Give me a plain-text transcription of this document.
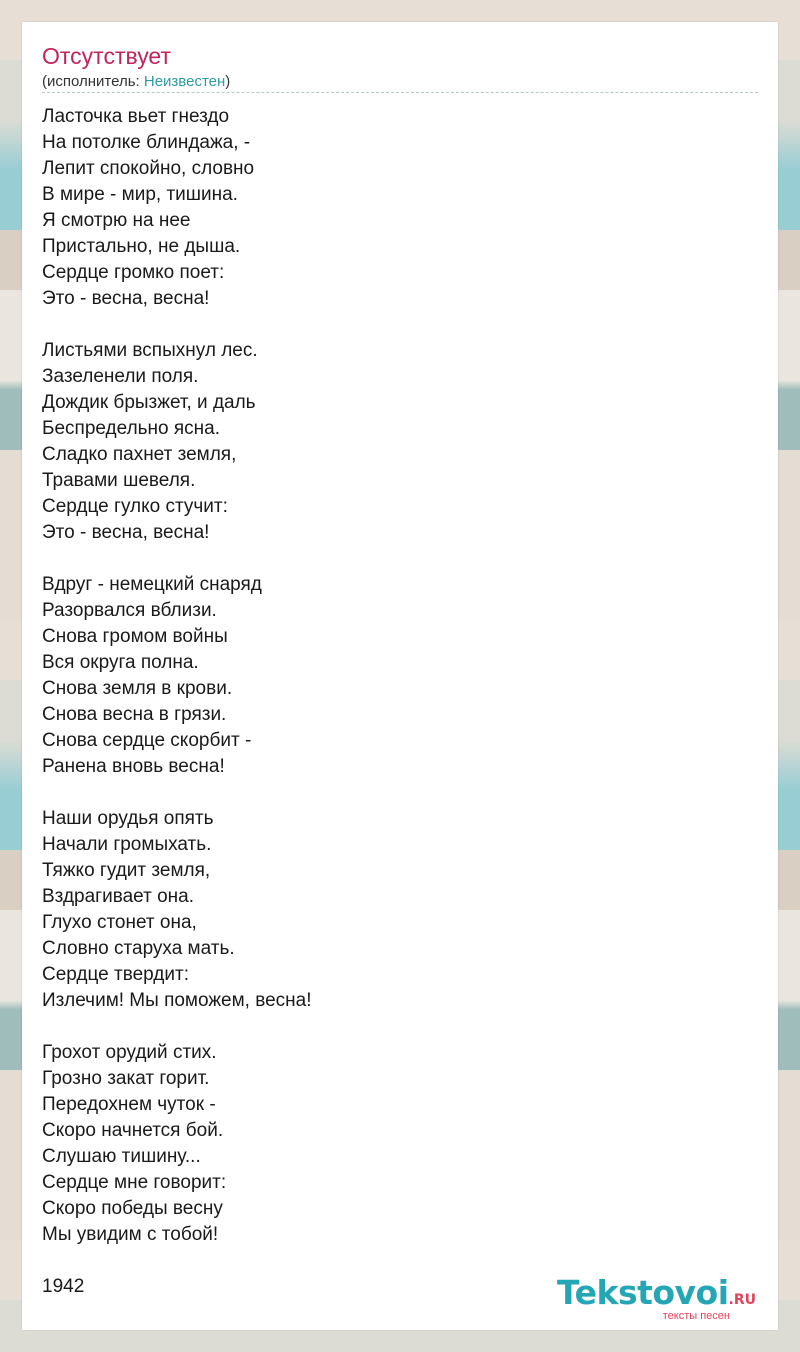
Отсутствует
(исполнитель: Неизвестен)
Ласточка вьет гнездо
На потолке блиндажа, -
Лепит спокойно, словно
В мире - мир, тишина.
Я смотрю на нее
Пристально, не дыша.
Сердце громко поет:
Это - весна, весна!
Листьями вспыхнул лес.
Зазеленели поля.
Дождик брызжет, и даль
Беспредельно ясна.
Сладко пахнет земля,
Травами шевеля.
Сердце гулко стучит:
Это - весна, весна!
Вдруг - немецкий снаряд
Разорвался вблизи.
Снова громом войны
Вся округа полна.
Снова земля в крови.
Снова весна в грязи.
Снова сердце скорбит -
Ранена вновь весна!
Наши орудья опять
Начали громыхать.
Тяжко гудит земля,
Вздрагивает она.
Глухо стонет она,
Словно старуха мать.
Сердце твердит:
Излечим! Мы поможем, весна!
Грохот орудий стих.
Грозно закат горит.
Передохнем чуток -
Скоро начнется бой.
Слушаю тишину...
Сердце мне говорит:
Скоро победы весну
Мы увидим с тобой!
1942	Tekstovoi.RU
тексты песен
